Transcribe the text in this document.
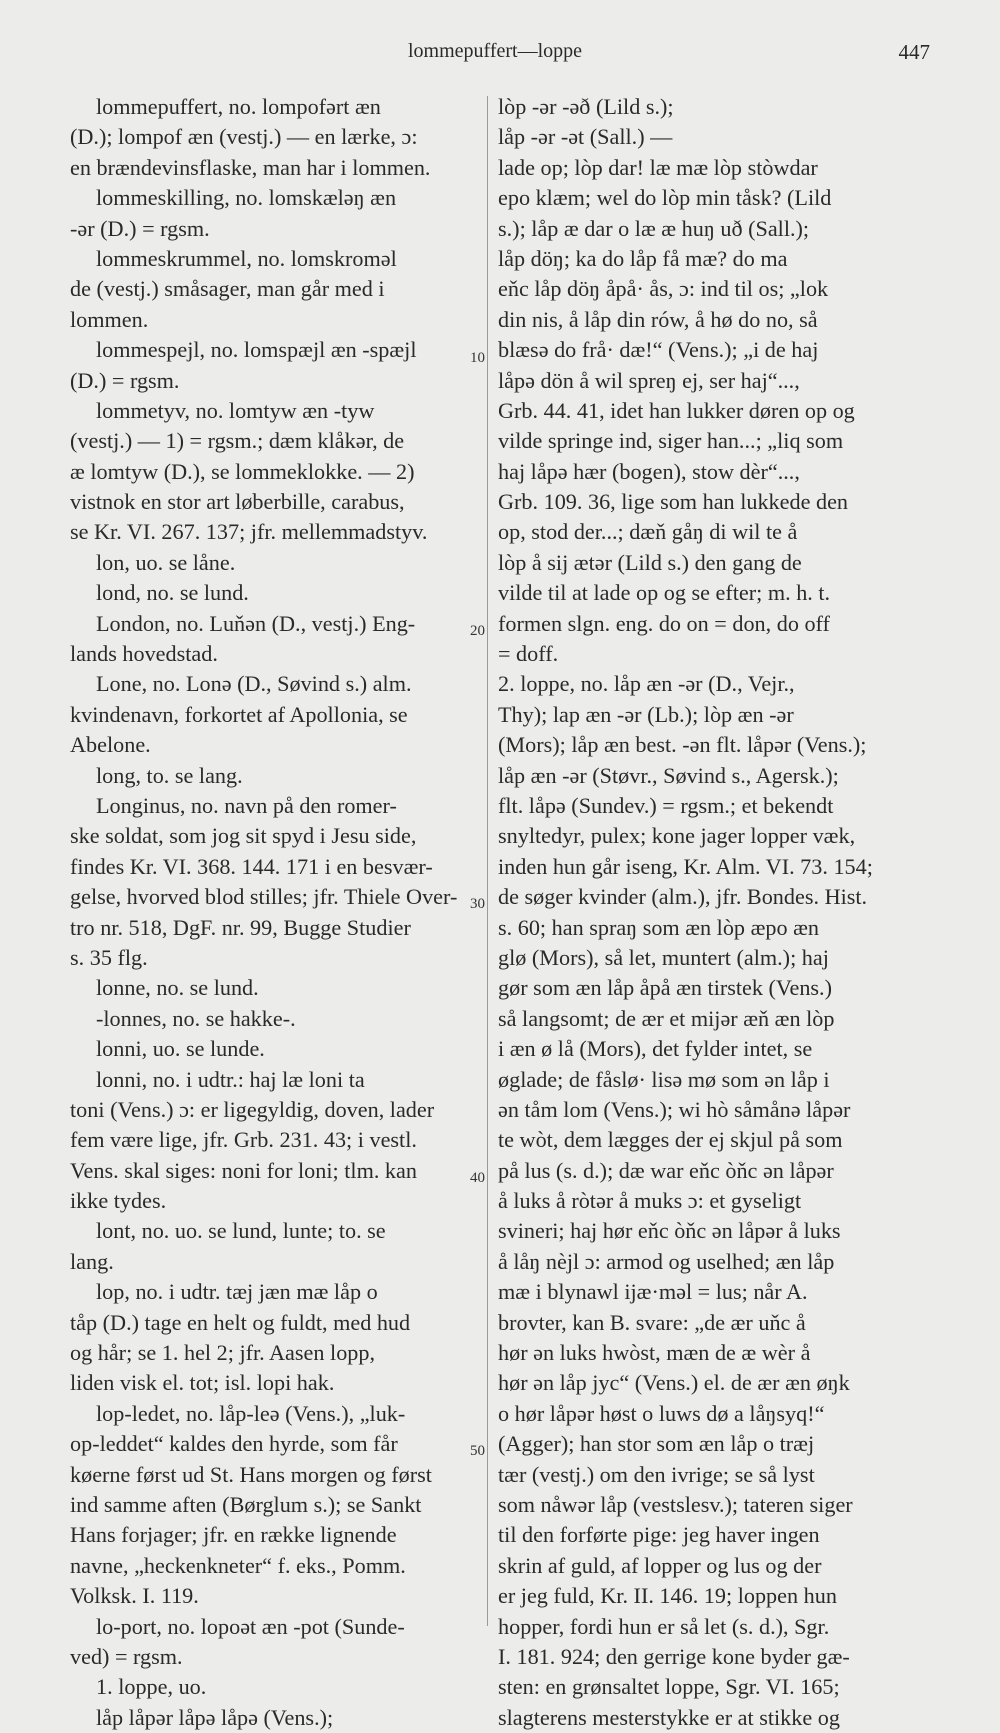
lommepuffert—loppe	447
lommepuffert, no. lompofərt æn
(D.); lompof æn (vestj.) — en lærke, ɔ:
en brændevinsflaske, man har i lommen.
lommeskilling, no. lomskæləŋ æn
-ər (D.) = rgsm.
lommeskrummel, no. lomskroməl
de (vestj.) småsager, man går med i
lommen.
lommespejl, no. lomspæjl æn -spæjl
(D.) = rgsm.
lommetyv, no. lomtyw æn -tyw
(vestj.) — 1) = rgsm.; dæm klåkər, de
æ lomtyw (D.), se lommeklokke. — 2)
vistnok en stor art løberbille, carabus,
se Kr. VI. 267. 137; jfr. mellemmadstyv.
lon, uo. se låne.
lond, no. se lund.
London, no. Luňən (D., vestj.) Eng-
lands hovedstad.
Lone, no. Lonə (D., Søvind s.) alm.
kvindenavn, forkortet af Apollonia, se
Abelone.
long, to. se lang.
Longinus, no. navn på den romer-
ske soldat, som jog sit spyd i Jesu side,
findes Kr. VI. 368. 144. 171 i en besvær-
gelse, hvorved blod stilles; jfr. Thiele Over-
tro nr. 518, DgF. nr. 99, Bugge Studier
s. 35 flg.
lonne, no. se lund.
-lonnes, no. se hakke-.
lonni, uo. se lunde.
lonni, no. i udtr.: haj læ loni ta
toni (Vens.) ɔ: er ligegyldig, doven, lader
fem være lige, jfr. Grb. 231. 43; i vestl.
Vens. skal siges: noni for loni; tlm. kan
ikke tydes.
lont, no. uo. se lund, lunte; to. se
lang.
lop, no. i udtr. tæj jæn mæ låp o
tåp (D.) tage en helt og fuldt, med hud
og hår; se 1. hel 2; jfr. Aasen lopp,
liden visk el. tot; isl. lopi hak.
lop-ledet, no. låp-leə (Vens.), „luk-
op-leddet“ kaldes den hyrde, som får
køerne først ud St. Hans morgen og først
ind samme aften (Børglum s.); se Sankt
Hans forjager; jfr. en række lignende
navne, „heckenkneter“ f. eks., Pomm.
Volksk. I. 119.
lo-port, no. lopoət æn -pot (Sunde-
ved) = rgsm.
1. loppe, uo.
låp låpər låpə låpə (Vens.);
lòp -ər -əð (Lild s.);
låp -ər -ət (Sall.) —
lade op; lòp dar! læ mæ lòp stòwdar
epo klæm; wel do lòp min tåsk? (Lild
s.); låp æ dar o læ æ huŋ uð (Sall.);
låp döŋ; ka do låp få mæ? do ma
eňc låp döŋ åpå· ås, ɔ: ind til os; „lok
din nis, å låp din rów, å hø do no, så
blæsə do frå· dæ!“ (Vens.); „i de haj
låpə dön å wil spreŋ ej, ser haj“...,
Grb. 44. 41, idet han lukker døren op og
vilde springe ind, siger han...; „liq som
haj låpə hær (bogen), stow dèr“...,
Grb. 109. 36, lige som han lukkede den
op, stod der...; dæň gåŋ di wil te å
lòp å sij ætər (Lild s.) den gang de
vilde til at lade op og se efter; m. h. t.
formen slgn. eng. do on = don, do off
= doff.
2. loppe, no. låp æn -ər (D., Vejr.,
Thy); lap æn -ər (Lb.); lòp æn -ər
(Mors); låp æn best. -ən flt. låpər (Vens.);
låp æn -ər (Støvr., Søvind s., Agersk.);
flt. låpə (Sundev.) = rgsm.; et bekendt
snyltedyr, pulex; kone jager lopper væk,
inden hun går iseng, Kr. Alm. VI. 73. 154;
de søger kvinder (alm.), jfr. Bondes. Hist.
s. 60; han spraŋ som æn lòp æpo æn
glø (Mors), så let, muntert (alm.); haj
gør som æn låp åpå æn tirstek (Vens.)
så langsomt; de ær et mijər æň æn lòp
i æn ø lå (Mors), det fylder intet, se
øglade; de fåslø· lisə mø som ən låp i
ən tåm lom (Vens.); wi hò såmånə låpər
te wòt, dem lægges der ej skjul på som
på lus (s. d.); dæ war eňc òňc ən låpər
å luks å ròtər å muks ɔ: et gyseligt
svineri; haj hør eňc òňc ən låpər å luks
å låŋ nèjl ɔ: armod og uselhed; æn låp
mæ i blynawl ijæ·məl = lus; når A.
brovter, kan B. svare: „de ær uňc å
hør ən luks hwòst, mæn de æ wèr å
hør ən låp jyc“ (Vens.) el. de ær æn øŋk
o hør låpər høst o luws dø a låŋsyq!“
(Agger); han stor som æn låp o træj
tær (vestj.) om den ivrige; se så lyst
som nåwər låp (vestslesv.); tateren siger
til den forførte pige: jeg haver ingen
skrin af guld, af lopper og lus og der
er jeg fuld, Kr. II. 146. 19; loppen hun
hopper, fordi hun er så let (s. d.), Sgr.
I. 181. 924; den gerrige kone byder gæ-
sten: en grønsaltet loppe, Sgr. VI. 165;
slagterens mesterstykke er at stikke og
10
20
30
40
50
